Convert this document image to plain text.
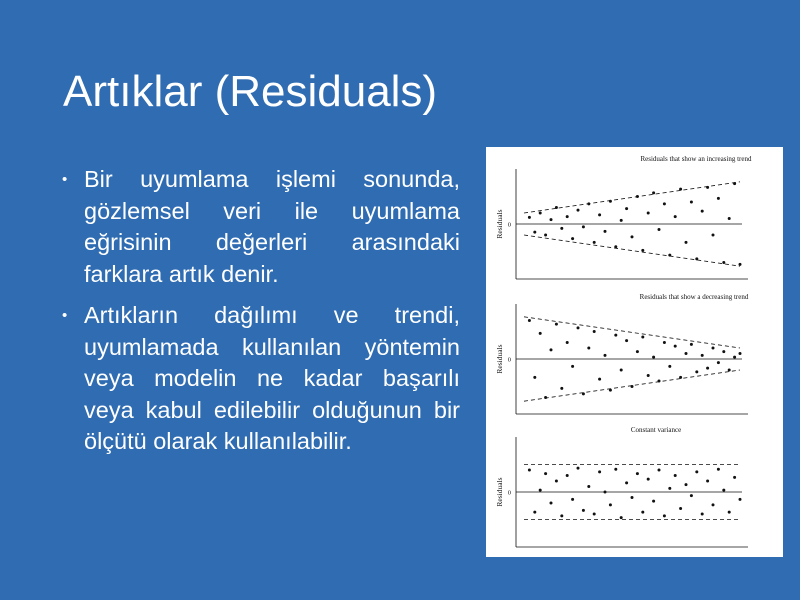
Artıklar (Residuals)
• Bir uyumlama işlemi sonunda, gözlemsel veri ile uyumlama eğrisinin değerleri arasındaki farklara artık denir.
• Artıkların dağılımı ve trendi, uyumlamada kullanılan yöntemin veya modelin ne kadar başarılı veya kabul edilebilir olduğunun bir ölçütü olarak kullanılabilir.
Residuals that show an increasing trend
Residuals 0
Residuals that show a decreasing trend
Residuals 0
Constant variance
Residuals 0
